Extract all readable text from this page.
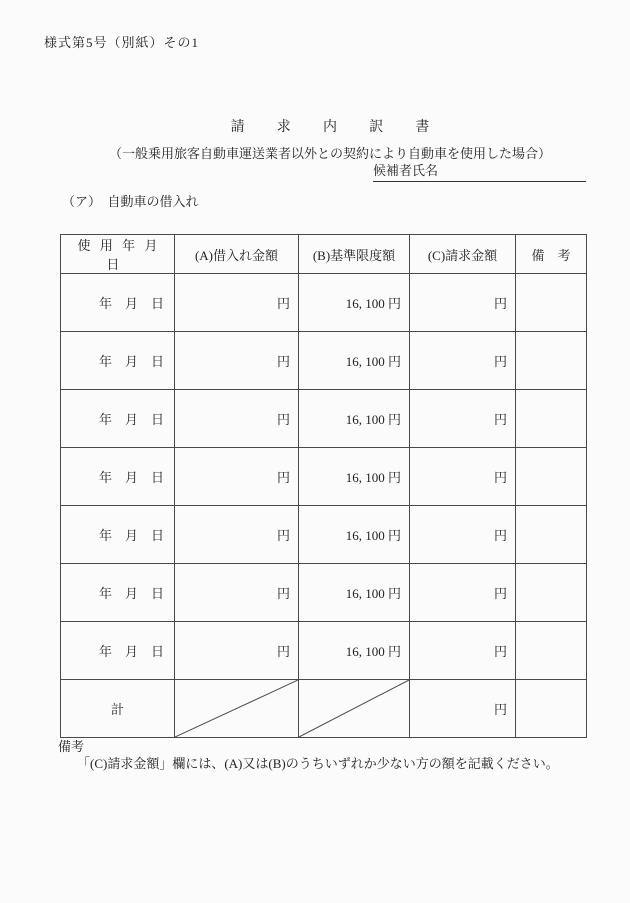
様式第5号（別紙）その1
請求内訳書
（一般乗用旅客自動車運送業者以外との契約により自動車を使用した場合）
候補者氏名
（ア）　自動車の借入れ
使用年月日	(A)借入れ金額	(B)基準限度額	(C)請求金額	備　考
年　月　日	円	16, 100 円	円	
年　月　日	円	16, 100 円	円	
年　月　日	円	16, 100 円	円	
年　月　日	円	16, 100 円	円	
年　月　日	円	16, 100 円	円	
年　月　日	円	16, 100 円	円	
年　月　日	円	16, 100 円	円	
計			円	
備考
「(C)請求金額」欄には、(A)又は(B)のうちいずれか少ない方の額を記載ください。
